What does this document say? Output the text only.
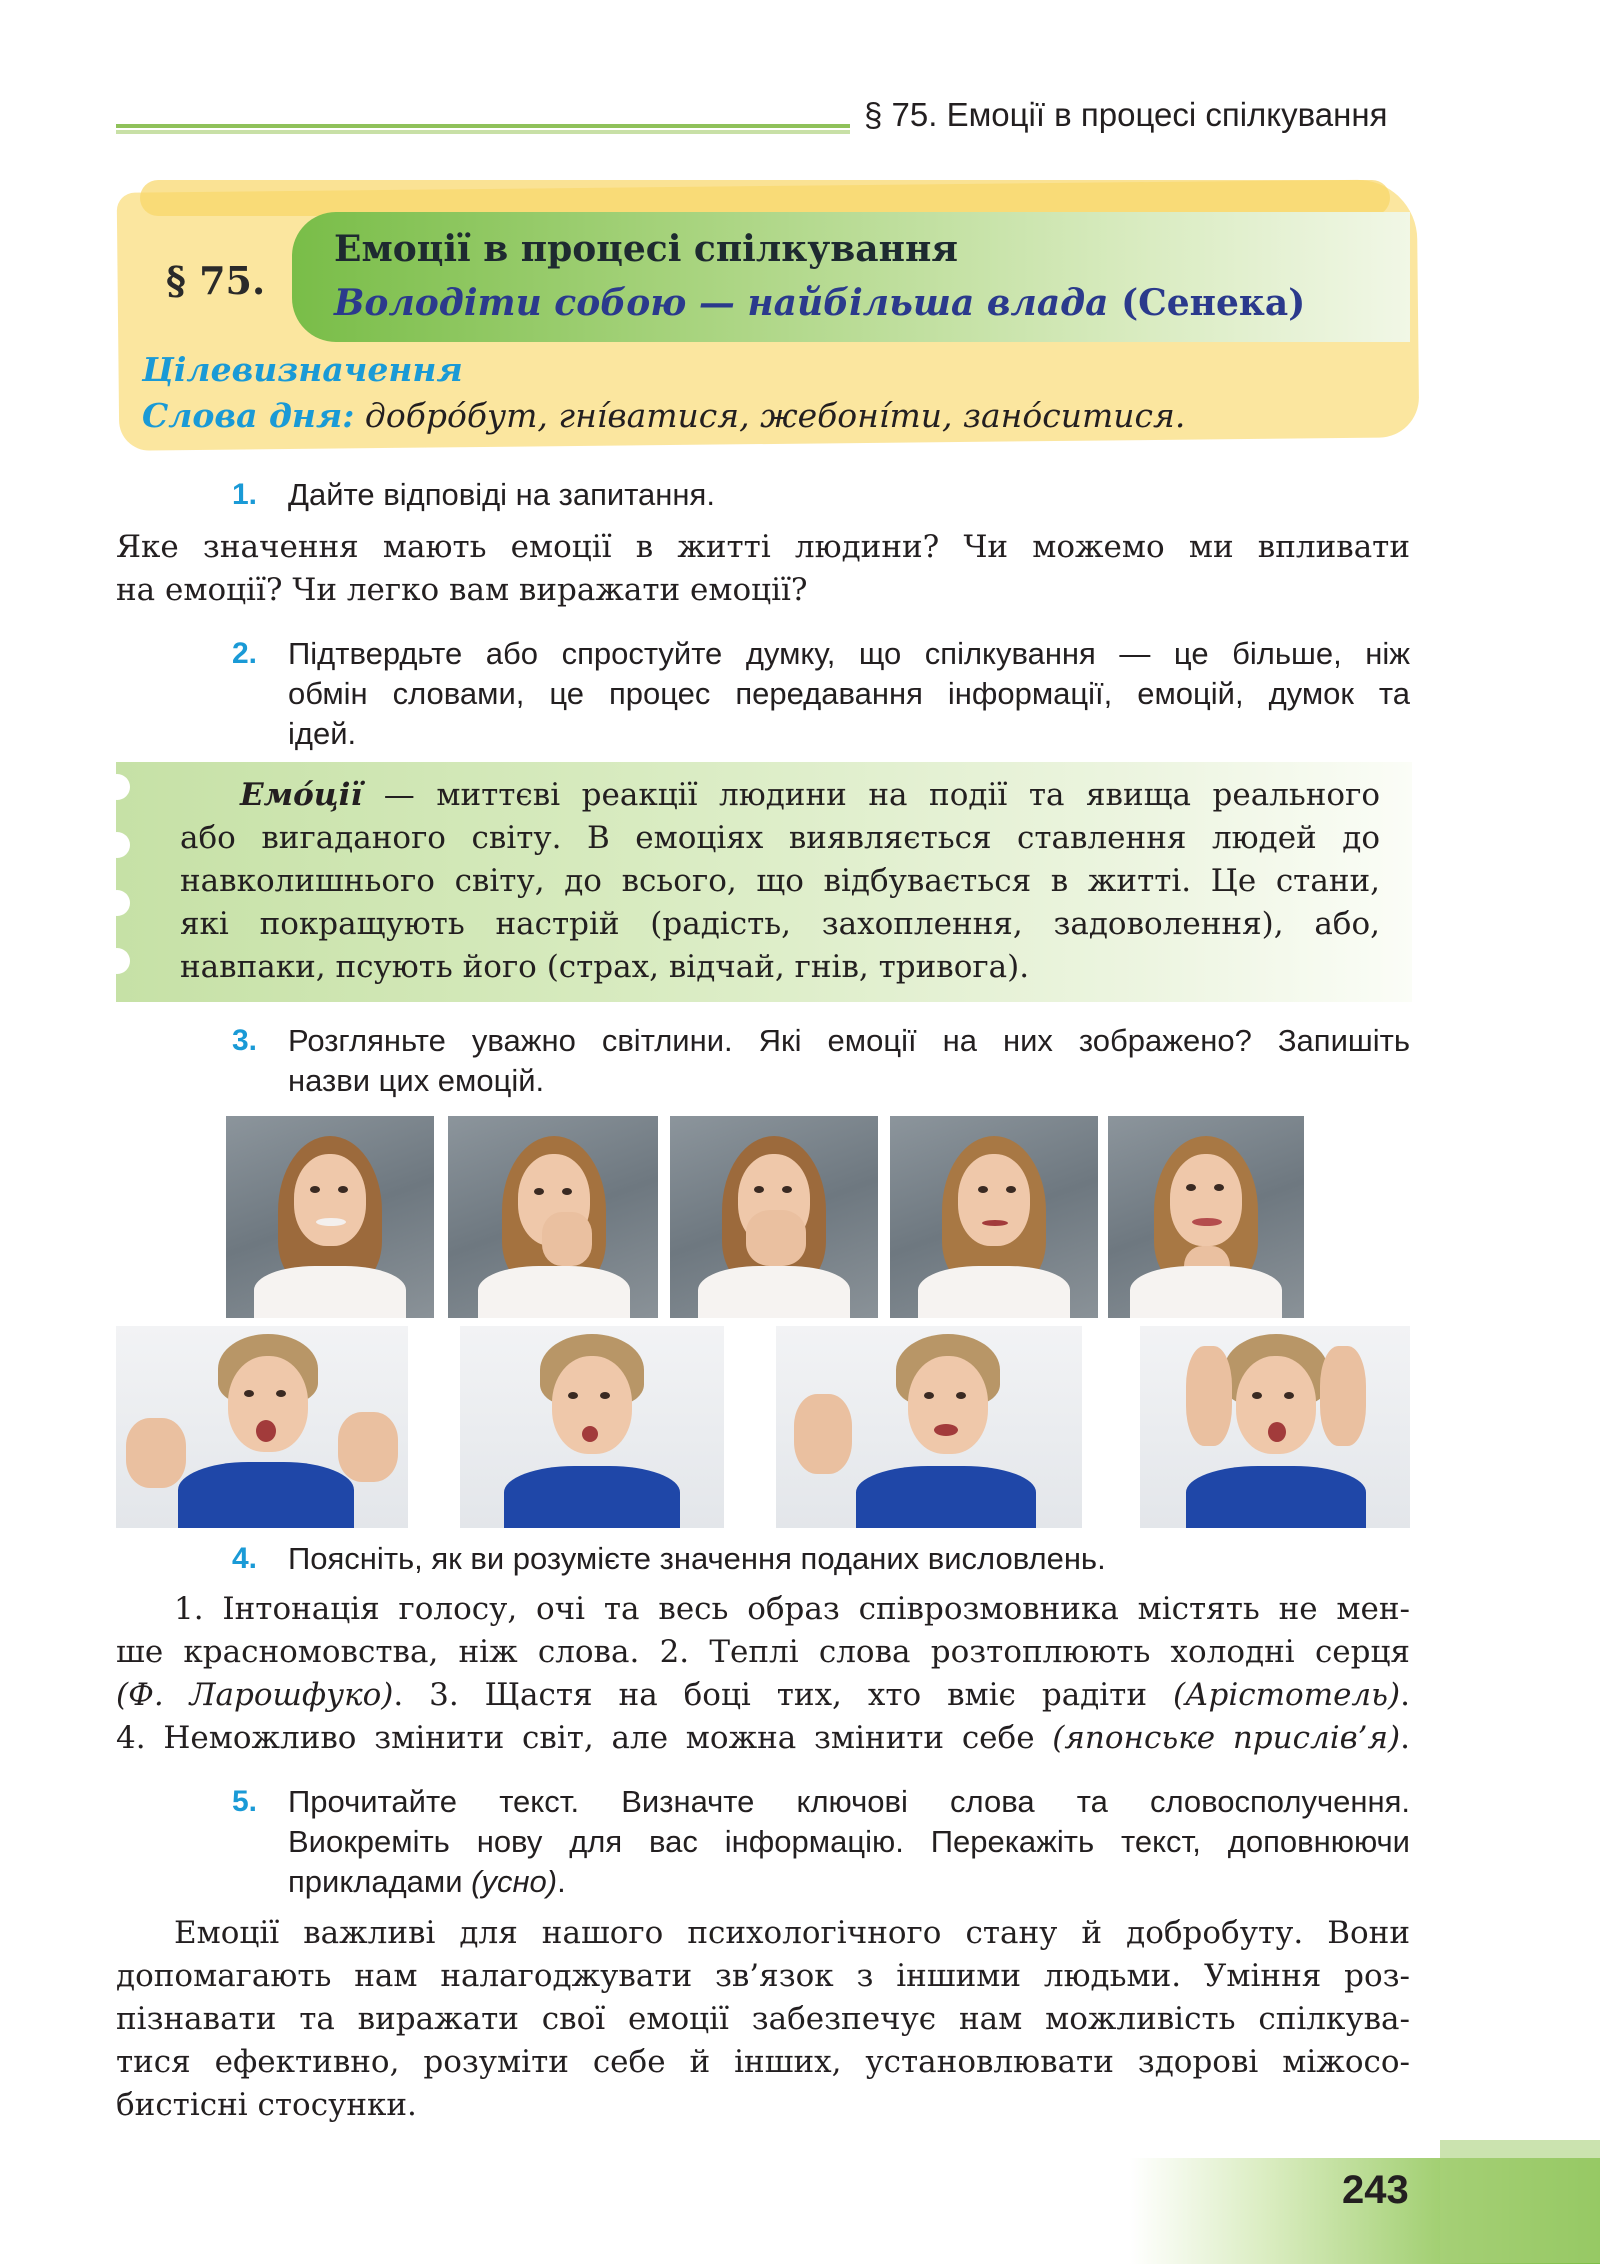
§ 75. Емоції в процесі спілкування
§ 75.
Емоції в процесі спілкування
Володіти собою — найбільша влада (Сенека)
Цілевизначення
Слова дня: добро́бут, гні́ватися, жебоні́ти, зано́ситися.
1. Дайте відповіді на запитання.
Яке значення мають емоції в житті людини? Чи можемо ми впливати
на емоції? Чи легко вам виражати емоції?
2. Підтвердьте або спростуйте думку, що спілкування — це більше, ніж
обмін словами, це процес передавання інформації, емоцій, думок та
ідей.
Емо́ції — миттєві реакції людини на події та явища реального
або вигаданого світу. В емоціях виявляється ставлення людей до
навколишнього світу, до всього, що відбувається в житті. Це стани,
які покращують настрій (радість, захоплення, задоволення), або,
навпаки, псують його (страх, відчай, гнів, тривога).
3. Розгляньте уважно світлини. Які емоції на них зображено? Запишіть
назви цих емоцій.
4. Поясніть, як ви розумієте значення поданих висловлень.
1. Інтонація голосу, очі та весь образ співрозмовника містять не мен-
ше красномовства, ніж слова. 2. Теплі слова розтоплюють холодні серця
(Ф. Ларошфуко). 3. Щастя на боці тих, хто вміє радіти (Арістотель).
4. Неможливо змінити світ, але можна змінити себе (японське прислів’я).
5. Прочитайте текст. Визначте ключові слова та словосполучення.
Виокреміть нову для вас інформацію. Перекажіть текст, доповнюючи
прикладами (усно).
Емоції важливі для нашого психологічного стану й добробуту. Вони
допомагають нам налагоджувати зв’язок з іншими людьми. Уміння роз-
пізнавати та виражати свої емоції забезпечує нам можливість спілкува-
тися ефективно, розуміти себе й інших, установлювати здорові міжосо-
бистісні стосунки.
243
